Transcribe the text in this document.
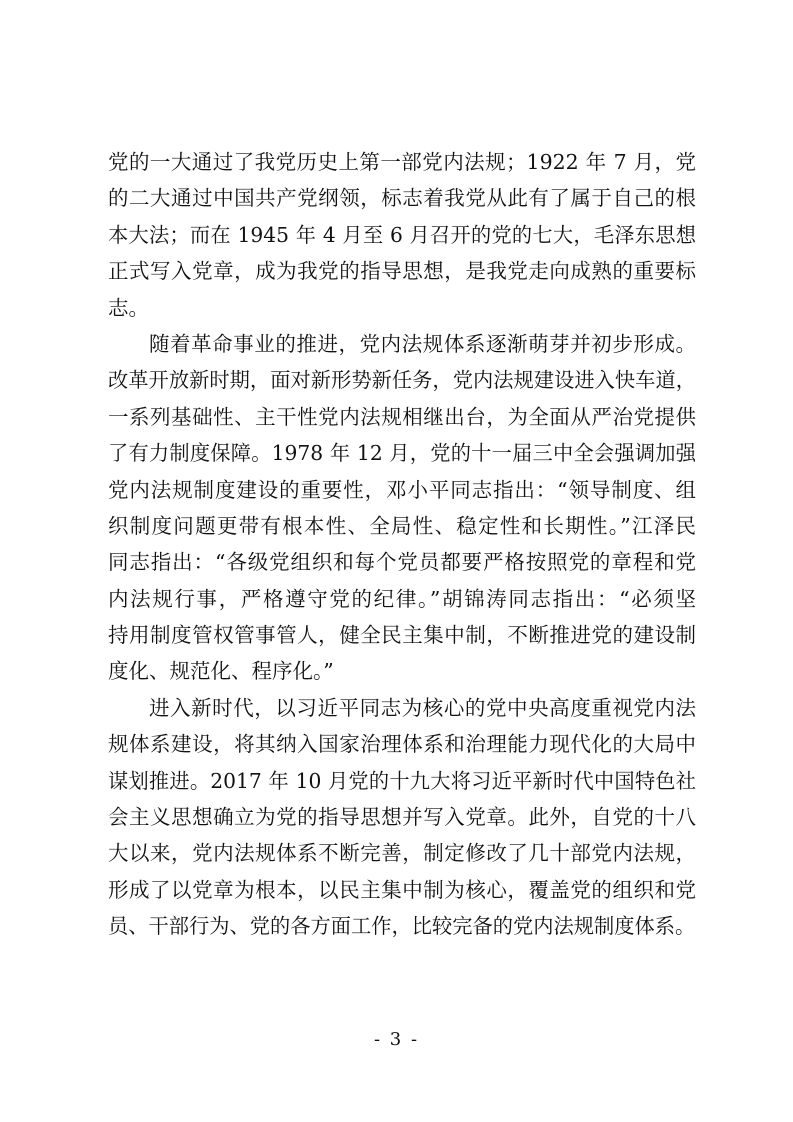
党的一大通过了我党历史上第一部党内法规；1922 年 7 月，党
的二大通过中国共产党纲领，标志着我党从此有了属于自己的根
本大法；而在 1945 年 4 月至 6 月召开的党的七大，毛泽东思想
正式写入党章，成为我党的指导思想，是我党走向成熟的重要标
志。
随着革命事业的推进，党内法规体系逐渐萌芽并初步形成。
改革开放新时期，面对新形势新任务，党内法规建设进入快车道，
一系列基础性、主干性党内法规相继出台，为全面从严治党提供
了有力制度保障。1978 年 12 月，党的十一届三中全会强调加强
党内法规制度建设的重要性，邓小平同志指出：“领导制度、组
织制度问题更带有根本性、全局性、稳定性和长期性。”江泽民
同志指出：“各级党组织和每个党员都要严格按照党的章程和党
内法规行事，严格遵守党的纪律。”胡锦涛同志指出：“必须坚
持用制度管权管事管人，健全民主集中制，不断推进党的建设制
度化、规范化、程序化。”
进入新时代，以习近平同志为核心的党中央高度重视党内法
规体系建设，将其纳入国家治理体系和治理能力现代化的大局中
谋划推进。2017 年 10 月党的十九大将习近平新时代中国特色社
会主义思想确立为党的指导思想并写入党章。此外，自党的十八
大以来，党内法规体系不断完善，制定修改了几十部党内法规，
形成了以党章为根本，以民主集中制为核心，覆盖党的组织和党
员、干部行为、党的各方面工作，比较完备的党内法规制度体系。
- 3 -
